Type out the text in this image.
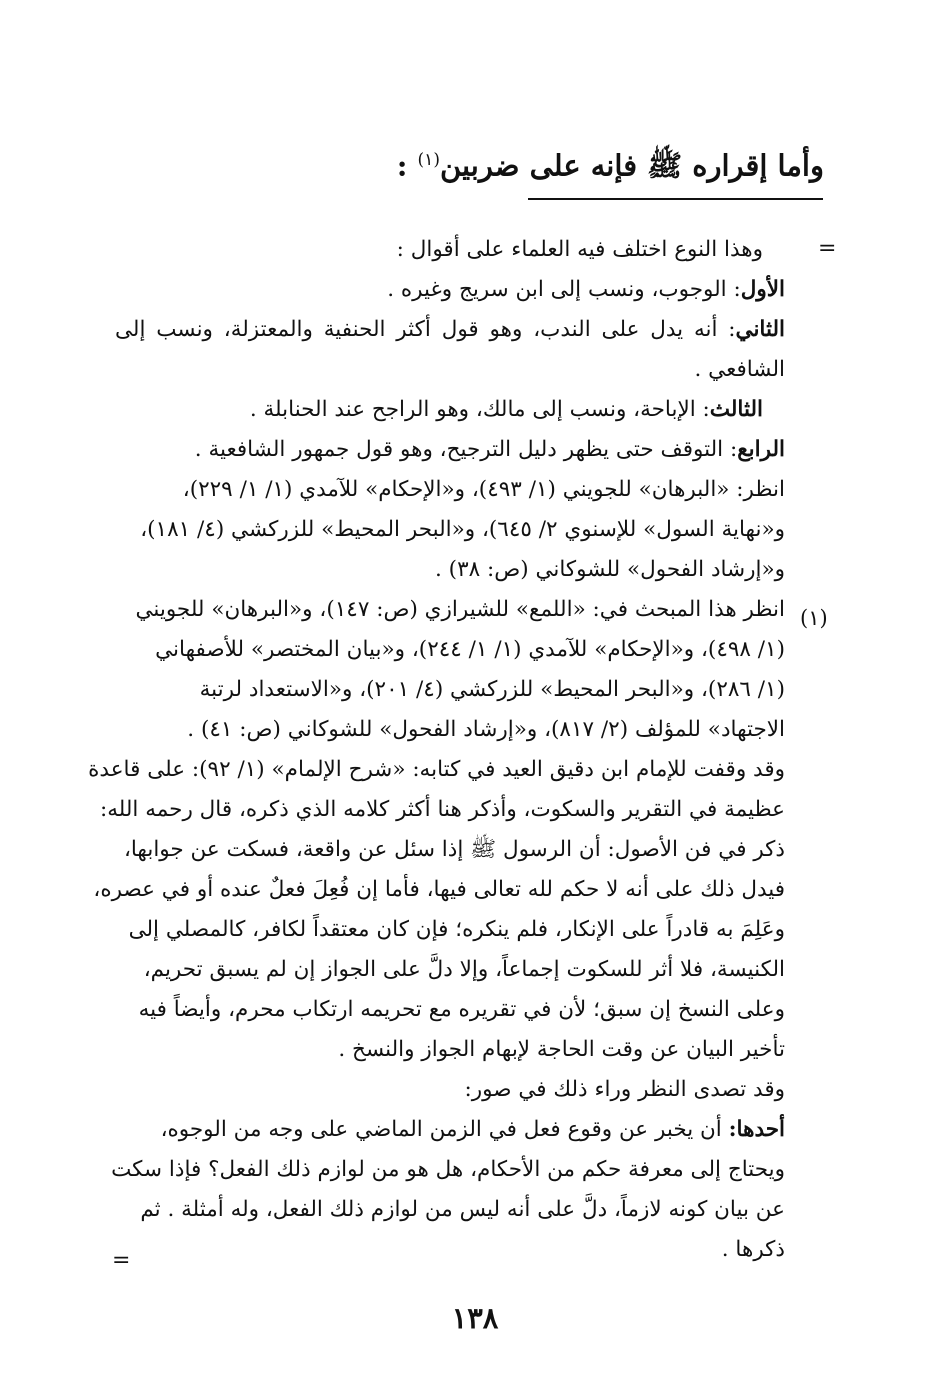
وأما إقراره ﷺ فإنه على ضربين$^{(١)}$ :
=

وهذا النوع اختلف فيه العلماء على أقوال :

الأول: الوجوب، ونسب إلى ابن سريج وغيره .

الثاني: أنه يدل على الندب، وهو قول أكثر الحنفية والمعتزلة، ونسب إلى الشافعي .

الثالث: الإباحة، ونسب إلى مالك، وهو الراجح عند الحنابلة .

الرابع: التوقف حتى يظهر دليل الترجيح، وهو قول جمهور الشافعية .

انظر: «البرهان» للجويني (١/ ٤٩٣)، و«الإحكام» للآمدي (١/ ١/ ٢٢٩)،

و«نهاية السول» للإسنوي ٢/ ٦٤٥)، و«البحر المحيط» للزركشي (٤/ ١٨١)،

و«إرشاد الفحول» للشوكاني (ص: ٣٨) .

انظر هذا المبحث في: «اللمع» للشيرازي (ص: ١٤٧)، و«البرهان» للجويني

(١/ ٤٩٨)، و«الإحكام» للآمدي (١/ ١/ ٢٤٤)، و«بيان المختصر» للأصفهاني

(١/ ٢٨٦)، و«البحر المحيط» للزركشي (٤/ ٢٠١)، و«الاستعداد لرتبة

الاجتهاد» للمؤلف (٢/ ٨١٧)، و«إرشاد الفحول» للشوكاني (ص: ٤١) .

وقد وقفت للإمام ابن دقيق العيد في كتابه: «شرح الإلمام» (١/ ٩٢): على قاعدة

عظيمة في التقرير والسكوت، وأذكر هنا أكثر كلامه الذي ذكره، قال رحمه الله:

ذكر في فن الأصول: أن الرسول ﷺ إذا سئل عن واقعة، فسكت عن جوابها،

فيدل ذلك على أنه لا حكم لله تعالى فيها، فأما إن فُعِلَ فعلٌ عنده أو في عصره،

وعَلِمَ به قادراً على الإنكار، فلم ينكره؛ فإن كان معتقداً لكافر، كالمصلي إلى

الكنيسة، فلا أثر للسكوت إجماعاً، وإلا دلَّ على الجواز إن لم يسبق تحريم،

وعلى النسخ إن سبق؛ لأن في تقريره مع تحريمه ارتكاب محرم، وأيضاً فيه

تأخير البيان عن وقت الحاجة لإبهام الجواز والنسخ .

وقد تصدى النظر وراء ذلك في صور:

أحدها: أن يخبر عن وقوع فعل في الزمن الماضي على وجه من الوجوه،

ويحتاج إلى معرفة حكم من الأحكام، هل هو من لوازم ذلك الفعل؟ فإذا سكت

عن بيان كونه لازماً، دلَّ على أنه ليس من لوازم ذلك الفعل، وله أمثلة . ثم

ذكرها .

(١)
=
١٣٨
